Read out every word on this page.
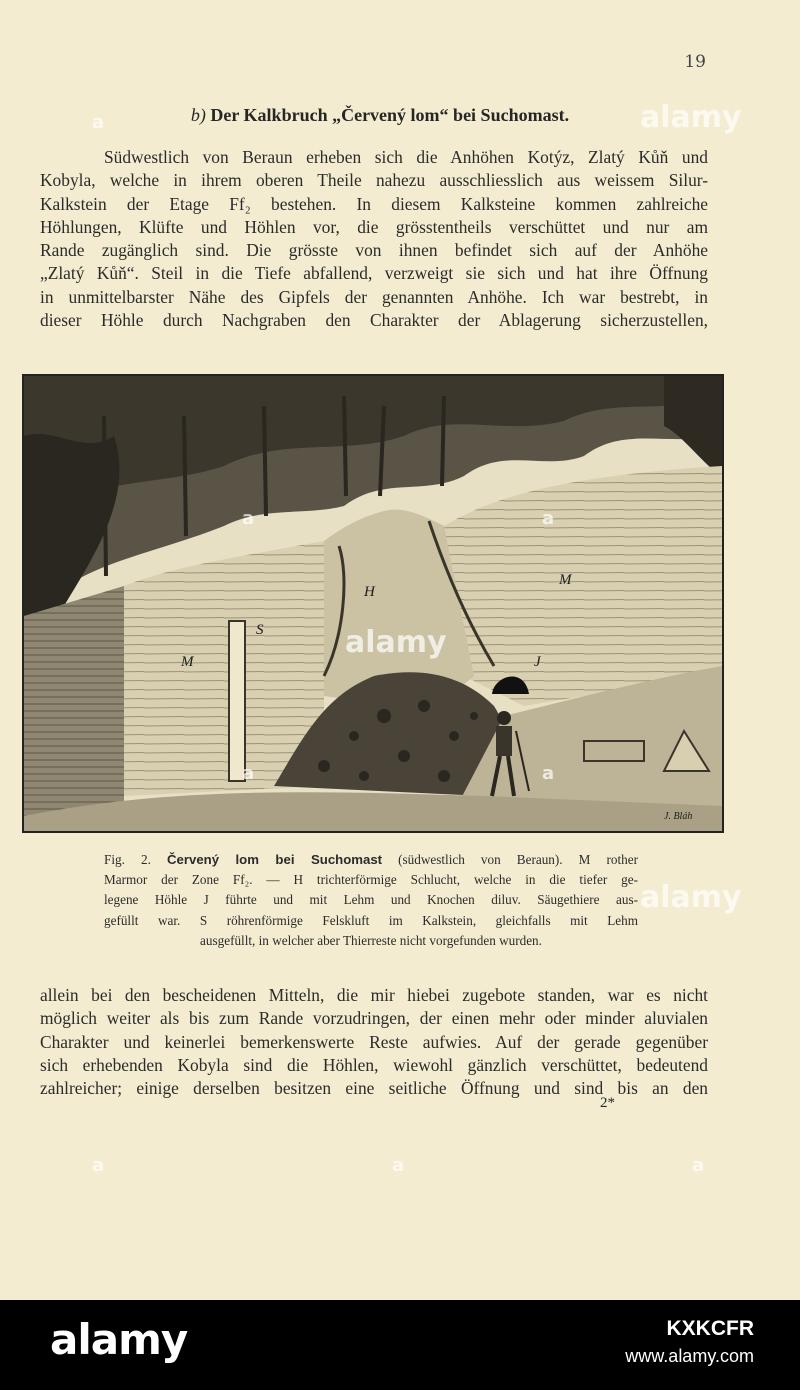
19
b) Der Kalkbruch „Červený lom“ bei Suchomast.
Südwestlich von Beraun erheben sich die Anhöhen Kotýz, Zlatý Kůň und
Kobyla, welche in ihrem oberen Theile nahezu ausschliesslich aus weissem Silur-
Kalkstein der Etage Ff₂ bestehen. In diesem Kalksteine kommen zahlreiche
Höhlungen, Klüfte und Höhlen vor, die grösstentheils verschüttet und nur am
Rande zugänglich sind. Die grösste von ihnen befindet sich auf der Anhöhe
„Zlatý Kůň“. Steil in die Tiefe abfallend, verzweigt sie sich und hat ihre Öffnung
in unmittelbarster Nähe des Gipfels der genannten Anhöhe. Ich war bestrebt, in
dieser Höhle durch Nachgraben den Charakter der Ablagerung sicherzustellen,
M
S
H
M
J
J. Bláh
Fig. 2. Červený lom bei Suchomast (südwestlich von Beraun). M rother
Marmor der Zone Ff₂. — H trichterförmige Schlucht, welche in die tiefer ge-
legene Höhle J führte und mit Lehm und Knochen diluv. Säugethiere aus-
gefüllt war. S röhrenförmige Felskluft im Kalkstein, gleichfalls mit Lehm
ausgefüllt, in welcher aber Thierreste nicht vorgefunden wurden.
allein bei den bescheidenen Mitteln, die mir hiebei zugebote standen, war es nicht
möglich weiter als bis zum Rande vorzudringen, der einen mehr oder minder aluvialen
Charakter und keinerlei bemerkenswerte Reste aufwies. Auf der gerade gegenüber
sich erhebenden Kobyla sind die Höhlen, wiewohl gänzlich verschüttet, bedeutend
zahlreicher; einige derselben besitzen eine seitliche Öffnung und sind bis an den
2*
alamy
alamy
alamy
a
a	a	a
a	a
a	a
alamy	KXKCFR
www.alamy.com
